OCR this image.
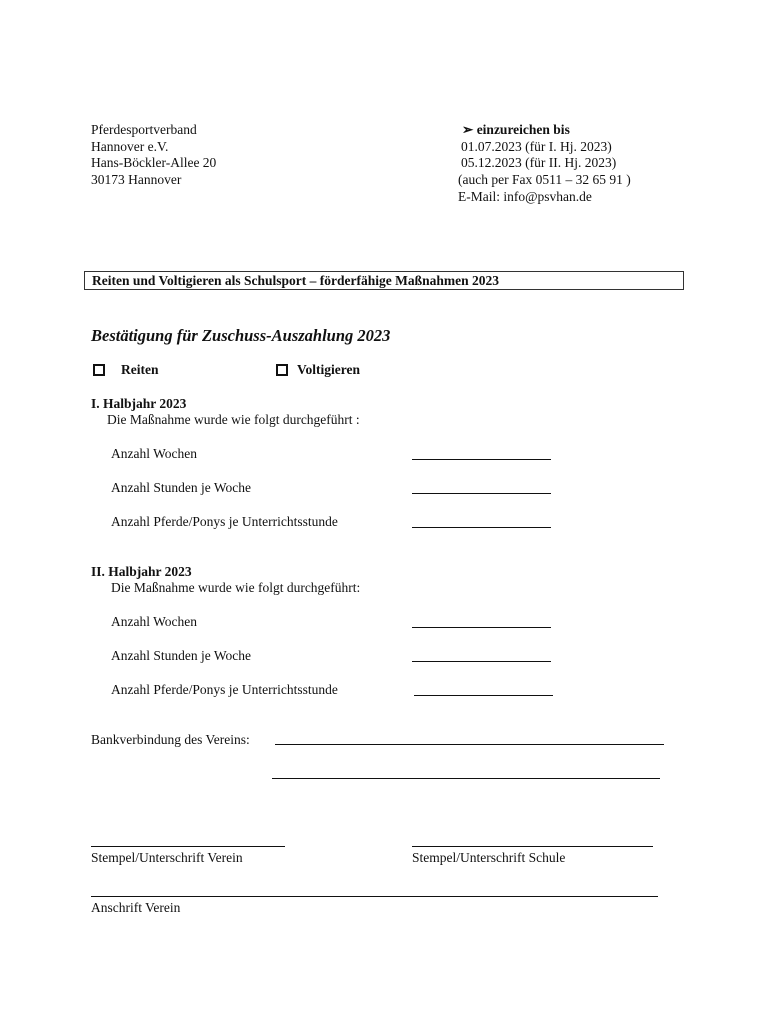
Pferdesportverband
Hannover e.V.
Hans-Böckler-Allee 20
30173 Hannover
➢ einzureichen bis
01.07.2023 (für I. Hj. 2023)
05.12.2023 (für II. Hj. 2023)
(auch per Fax 0511 – 32 65 91 )
E-Mail: info@psvhan.de
Reiten und Voltigieren als Schulsport – förderfähige Maßnahmen 2023
Bestätigung für Zuschuss-Auszahlung 2023
Reiten	Voltigieren
I. Halbjahr 2023
Die Maßnahme wurde wie folgt durchgeführt :
Anzahl Wochen
Anzahl Stunden je Woche
Anzahl Pferde/Ponys je Unterrichtsstunde
II. Halbjahr 2023
Die Maßnahme wurde wie folgt durchgeführt:
Anzahl Wochen
Anzahl Stunden je Woche
Anzahl Pferde/Ponys je Unterrichtsstunde
Bankverbindung des Vereins:
Stempel/Unterschrift Verein	Stempel/Unterschrift Schule
Anschrift Verein
